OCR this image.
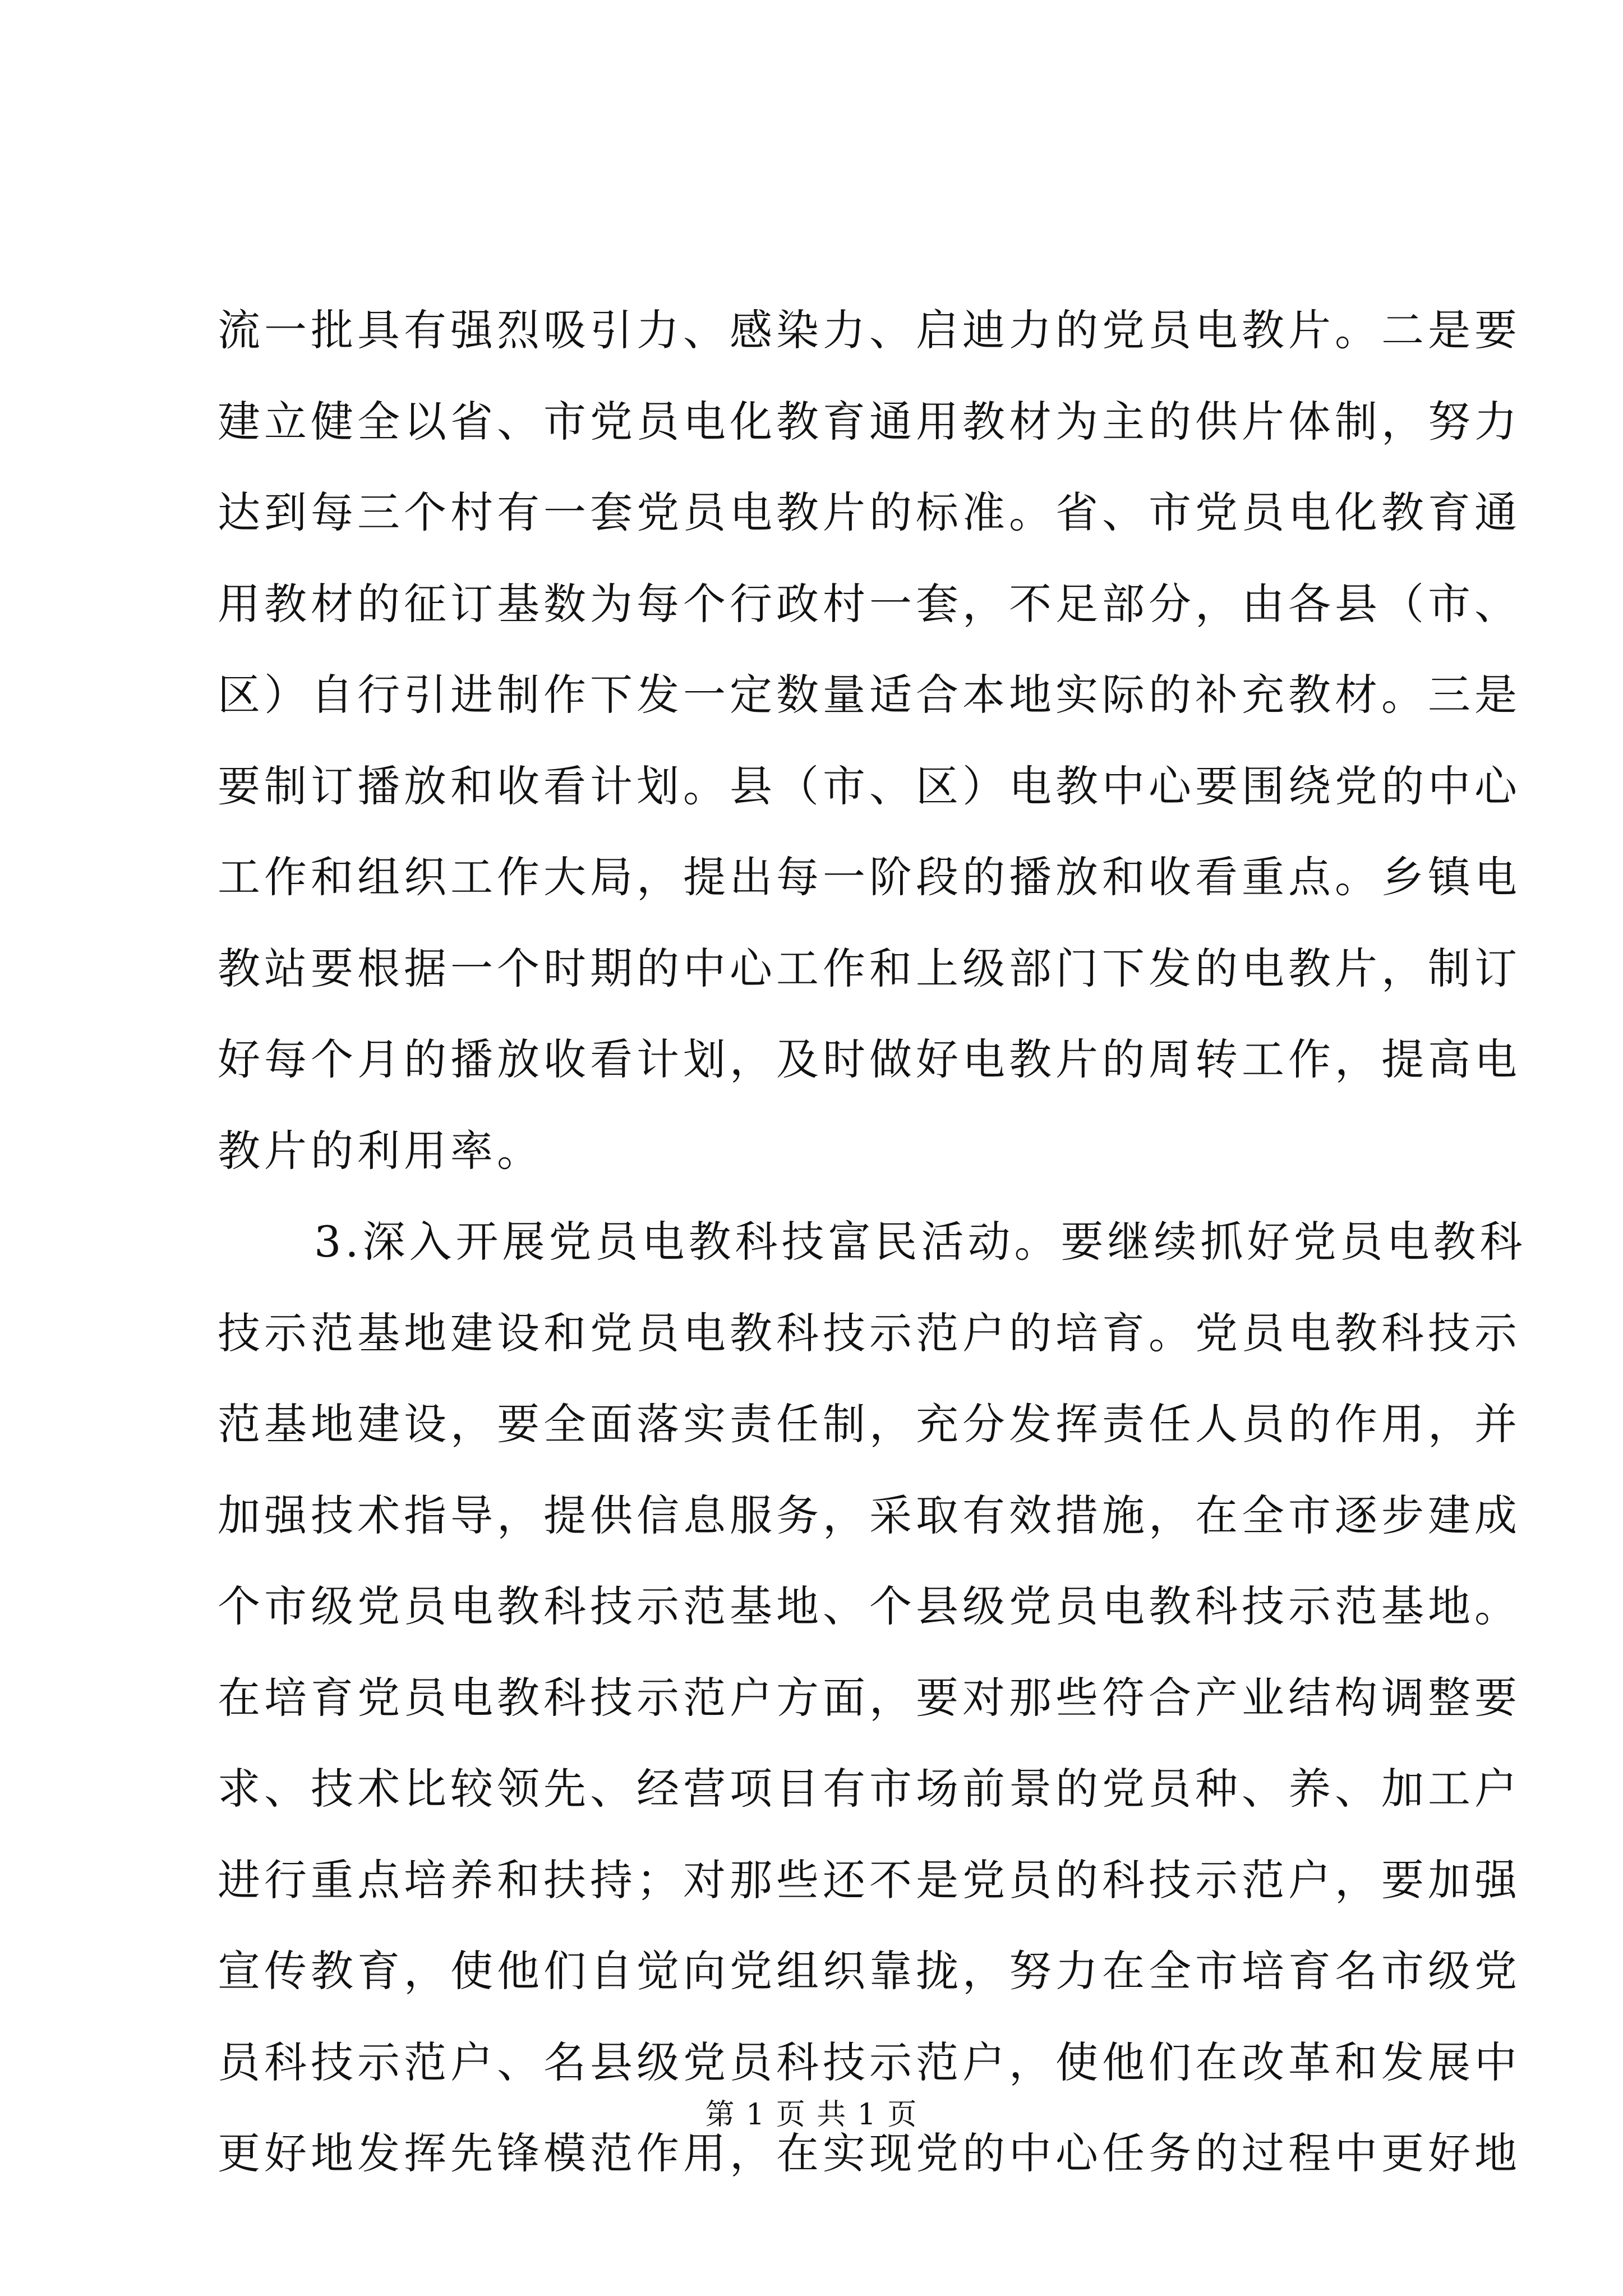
流一批具有强烈吸引力、感染力、启迪力的党员电教片。二是要
建立健全以省、市党员电化教育通用教材为主的供片体制，努力
达到每三个村有一套党员电教片的标准。省、市党员电化教育通
用教材的征订基数为每个行政村一套，不足部分，由各县（市、
区）自行引进制作下发一定数量适合本地实际的补充教材。三是
要制订播放和收看计划。县（市、区）电教中心要围绕党的中心
工作和组织工作大局，提出每一阶段的播放和收看重点。乡镇电
教站要根据一个时期的中心工作和上级部门下发的电教片，制订
好每个月的播放收看计划，及时做好电教片的周转工作，提高电
教片的利用率。
3.深入开展党员电教科技富民活动。要继续抓好党员电教科
技示范基地建设和党员电教科技示范户的培育。党员电教科技示
范基地建设，要全面落实责任制，充分发挥责任人员的作用，并
加强技术指导，提供信息服务，采取有效措施，在全市逐步建成
个市级党员电教科技示范基地、个县级党员电教科技示范基地。
在培育党员电教科技示范户方面，要对那些符合产业结构调整要
求、技术比较领先、经营项目有市场前景的党员种、养、加工户
进行重点培养和扶持；对那些还不是党员的科技示范户，要加强
宣传教育，使他们自觉向党组织靠拢，努力在全市培育名市级党
员科技示范户、名县级党员科技示范户，使他们在改革和发展中
更好地发挥先锋模范作用，在实现党的中心任务的过程中更好地
第 1 页 共 1 页
